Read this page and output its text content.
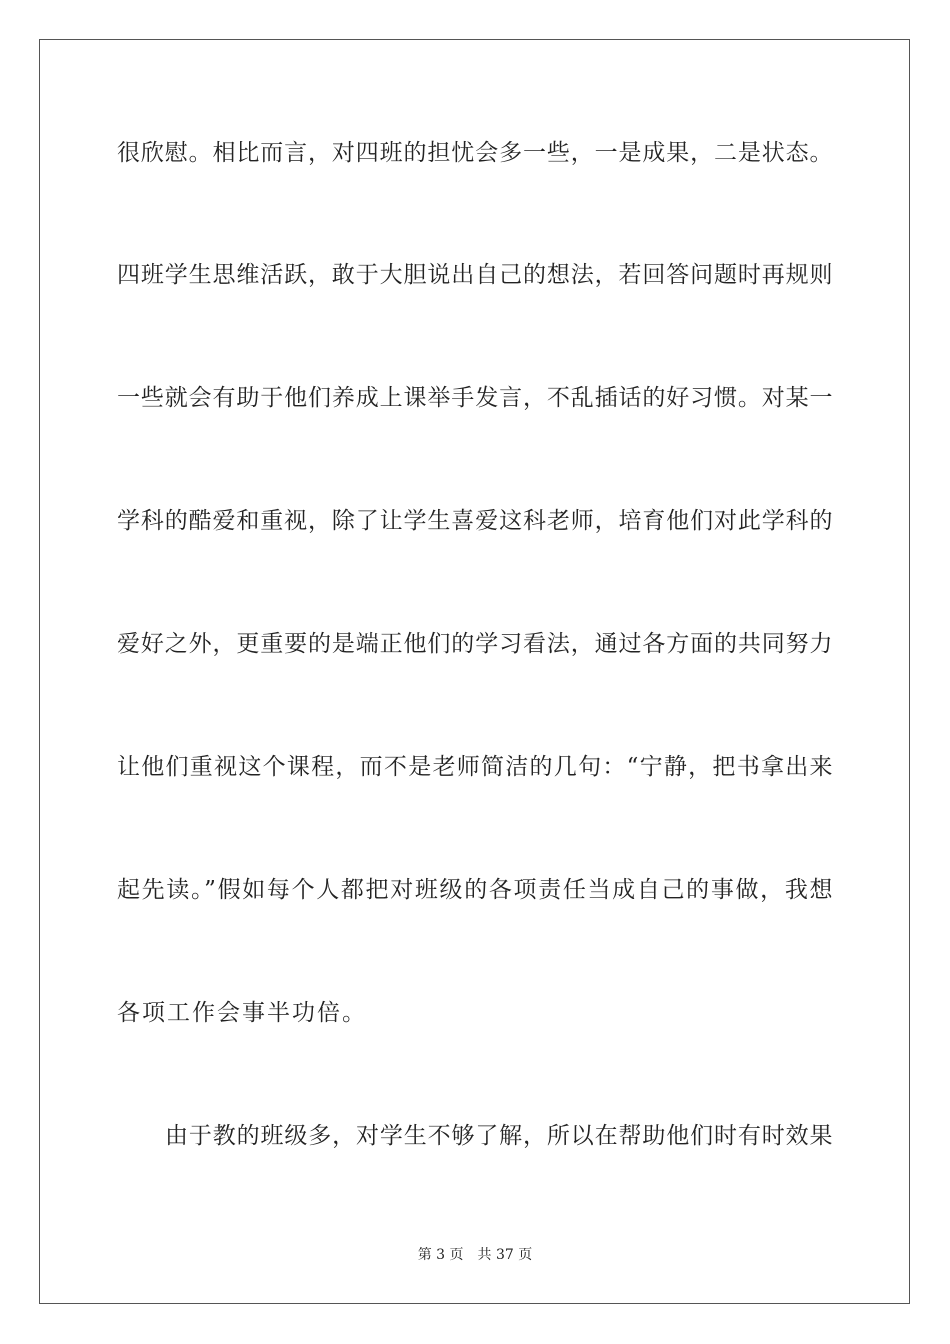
很欣慰。相比而言，对四班的担忧会多一些，一是成果，二是状态。
四班学生思维活跃，敢于大胆说出自己的想法，若回答问题时再规则
一些就会有助于他们养成上课举手发言，不乱插话的好习惯。对某一
学科的酷爱和重视，除了让学生喜爱这科老师，培育他们对此学科的
爱好之外，更重要的是端正他们的学习看法，通过各方面的共同努力
让他们重视这个课程，而不是老师简洁的几句：“宁静，把书拿出来
起先读。”假如每个人都把对班级的各项责任当成自己的事做，我想
各项工作会事半功倍。
由于教的班级多，对学生不够了解，所以在帮助他们时有时效果
第 3 页 共 37 页
